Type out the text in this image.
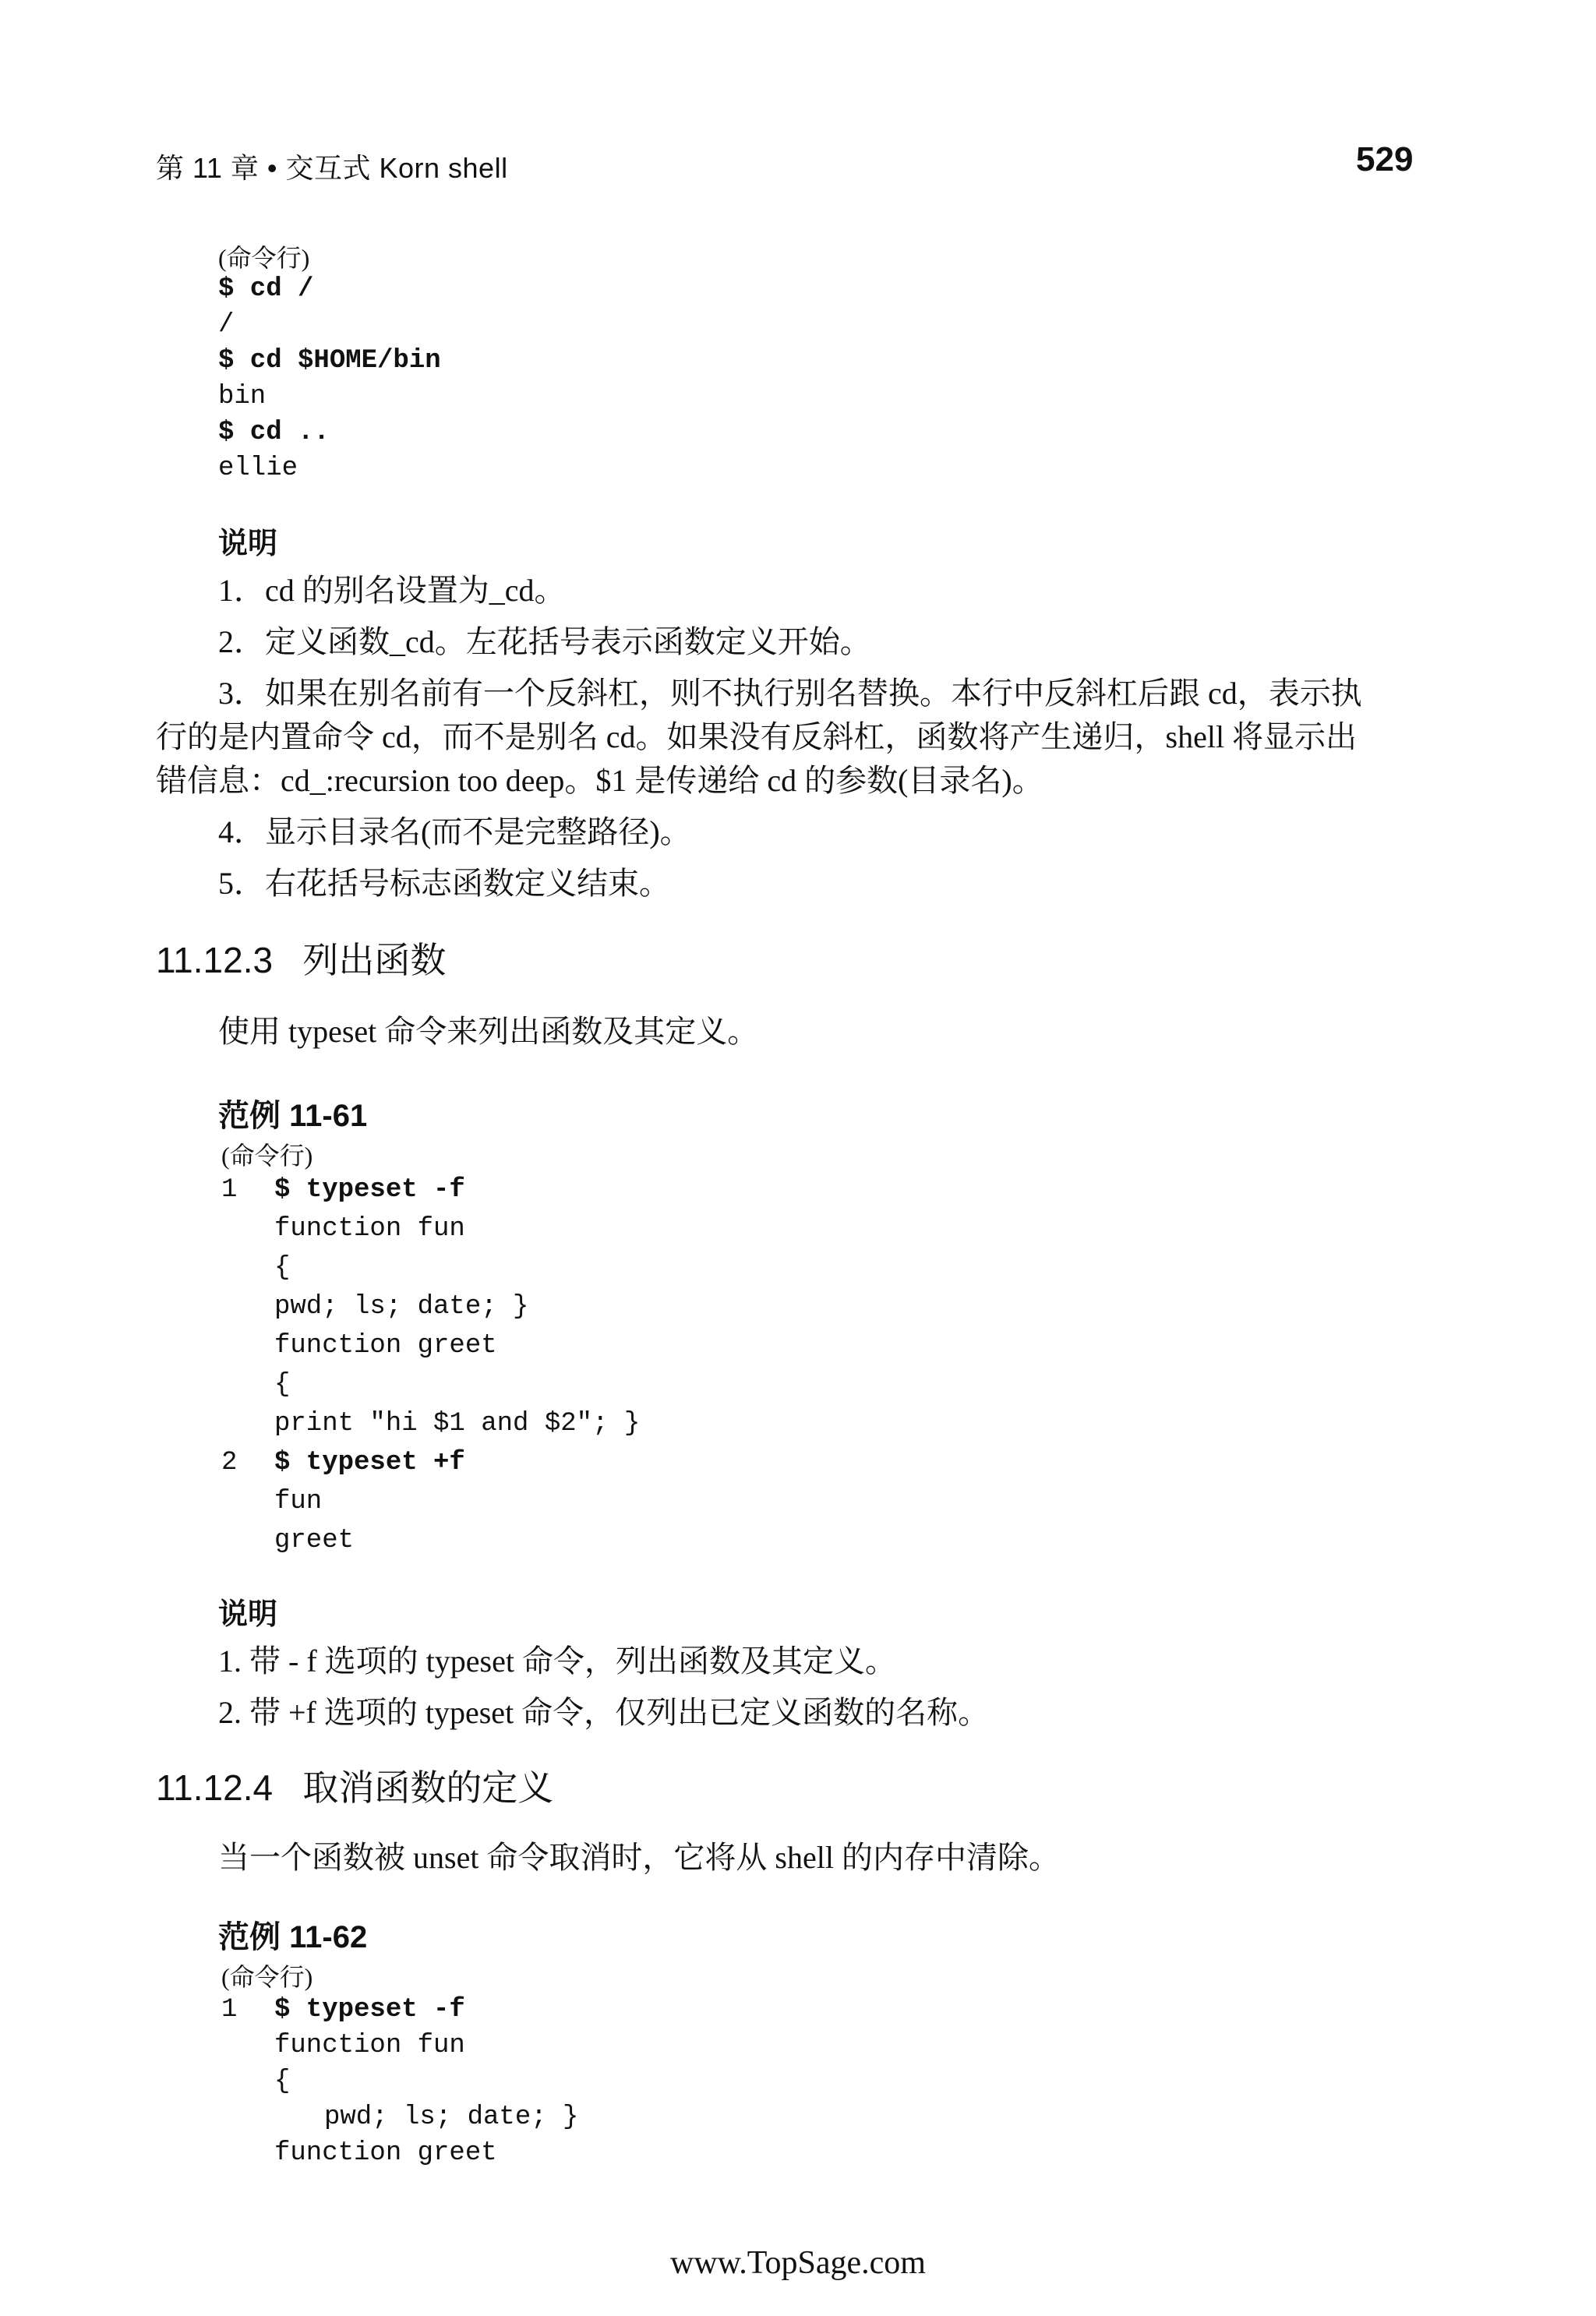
第 11 章 • 交互式 Korn shell	529
(命令行)
$ cd /
/
$ cd $HOME/bin
bin
$ cd ..
ellie
说明
1．cd 的别名设置为_cd。
2．定义函数_cd。左花括号表示函数定义开始。
3．如果在别名前有一个反斜杠，则不执行别名替换。本行中反斜杠后跟 cd，表示执
行的是内置命令 cd，而不是别名 cd。如果没有反斜杠，函数将产生递归，shell 将显示出
错信息：cd_:recursion too deep。$1 是传递给 cd 的参数(目录名)。
4．显示目录名(而不是完整路径)。
5．右花括号标志函数定义结束。
11.12.3 列出函数
使用 typeset 命令来列出函数及其定义。
范例 11-61
(命令行)
1 $ typeset -f
function fun
{
pwd; ls; date; }
function greet
{
print "hi $1 and $2"; }
2 $ typeset +f
fun
greet
说明
1. 带 - f 选项的 typeset 命令，列出函数及其定义。
2. 带 +f 选项的 typeset 命令，仅列出已定义函数的名称。
11.12.4 取消函数的定义
当一个函数被 unset 命令取消时，它将从 shell 的内存中清除。
范例 11-62
(命令行)
1 $ typeset -f
function fun
{
pwd; ls; date; }
function greet
www.TopSage.com
